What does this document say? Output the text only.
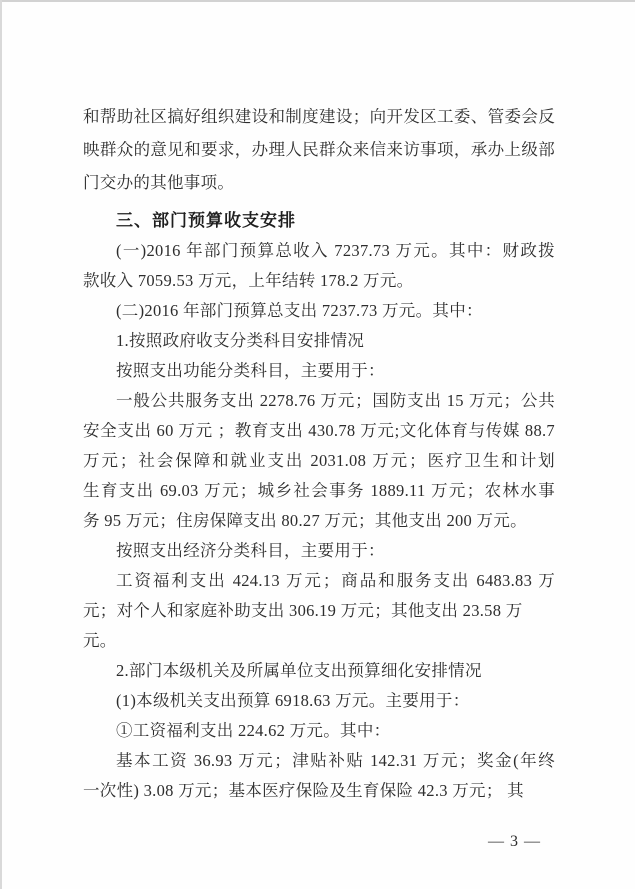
和帮助社区搞好组织建设和制度建设；向开发区工委、管委会反
映群众的意见和要求，办理人民群众来信来访事项，承办上级部
门交办的其他事项。
三、部门预算收支安排
(一)2016 年部门预算总收入 7237.73 万元。其中：财政拨
款收入 7059.53 万元，上年结转 178.2 万元。
(二)2016 年部门预算总支出 7237.73 万元。其中：
1.按照政府收支分类科目安排情况
按照支出功能分类科目，主要用于：
一般公共服务支出 2278.76 万元；国防支出 15 万元；公共
安全支出 60 万元 ；教育支出 430.78 万元;文化体育与传媒 88.7
万元；社会保障和就业支出 2031.08 万元；医疗卫生和计划
生育支出 69.03 万元；城乡社会事务 1889.11 万元；农林水事
务 95 万元；住房保障支出 80.27 万元；其他支出 200 万元。
按照支出经济分类科目，主要用于：
工资福利支出 424.13 万元；商品和服务支出 6483.83 万
元；对个人和家庭补助支出 306.19 万元；其他支出 23.58 万元。
2.部门本级机关及所属单位支出预算细化安排情况
(1)本级机关支出预算 6918.63 万元。主要用于：
①工资福利支出 224.62 万元。其中：
基本工资 36.93 万元；津贴补贴 142.31 万元；奖金(年终
一次性) 3.08 万元；基本医疗保险及生育保险 42.3 万元； 其
— 3 —
